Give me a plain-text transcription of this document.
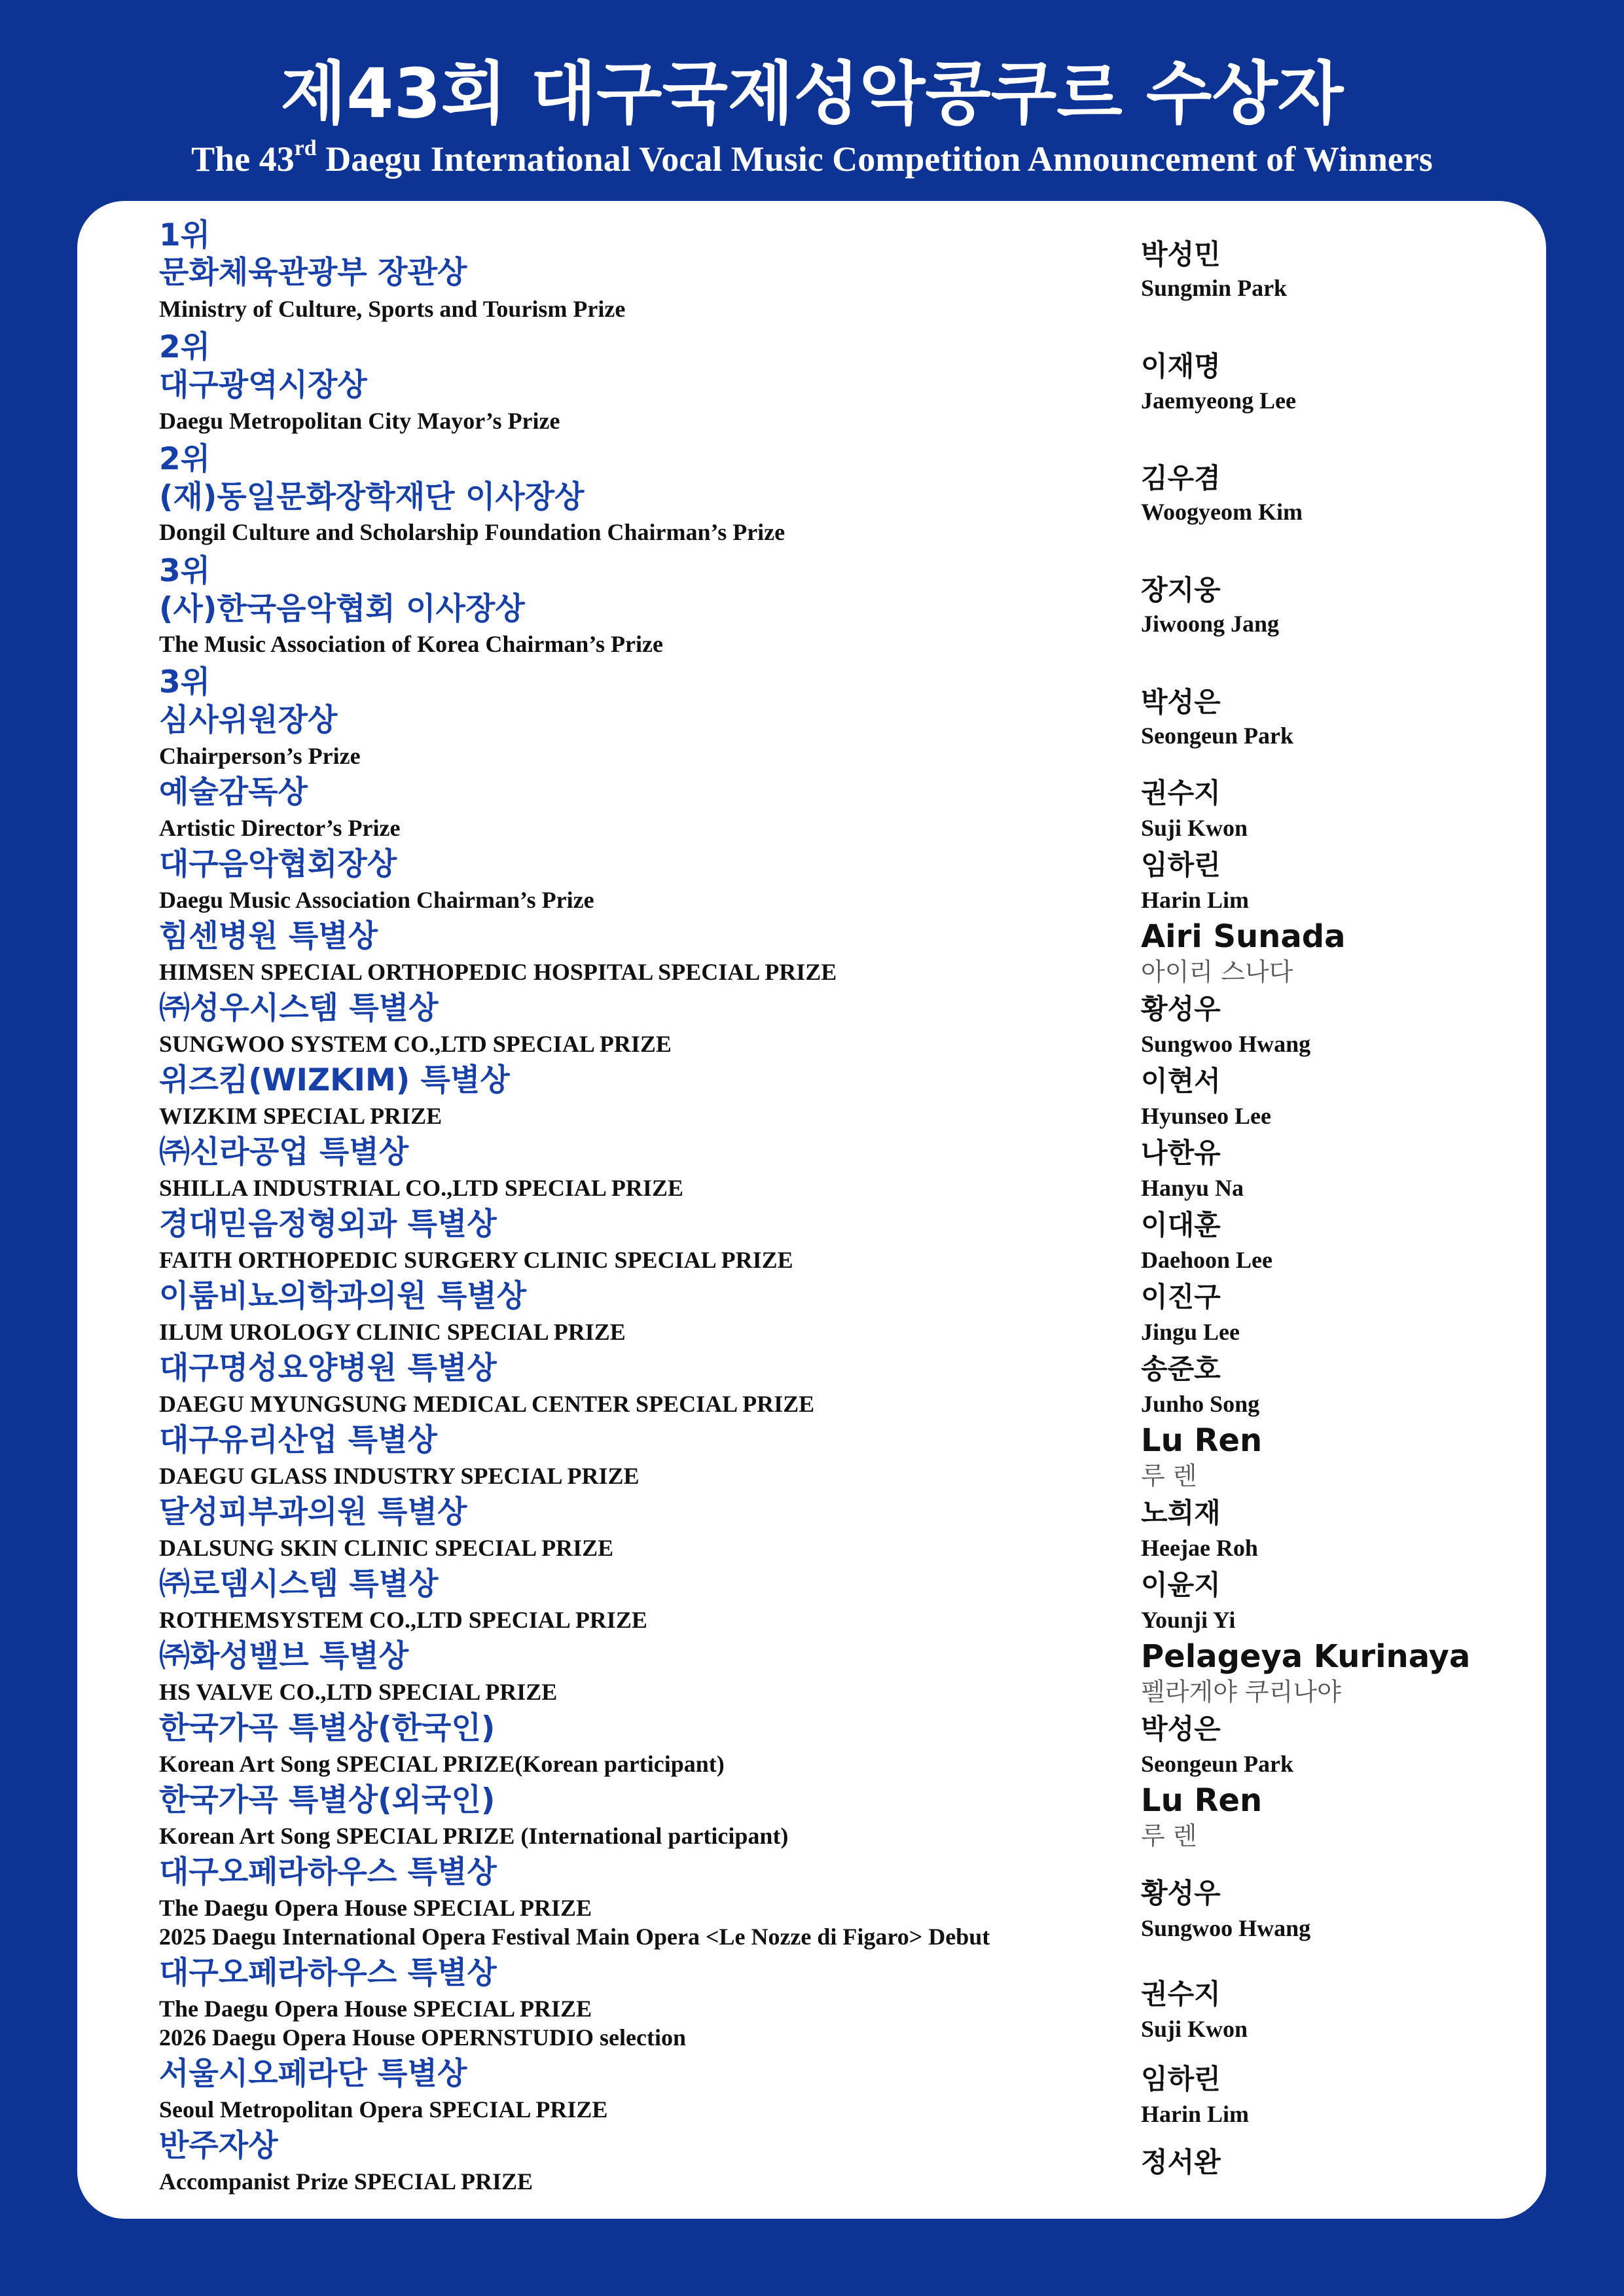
제43회 대구국제성악콩쿠르 수상자
The 43rd Daegu International Vocal Music Competition Announcement of Winners
1위
문화체육관광부 장관상
Ministry of Culture, Sports and Tourism Prize
박성민
Sungmin Park
2위
대구광역시장상
Daegu Metropolitan City Mayor’s Prize
이재명
Jaemyeong Lee
2위
(재)동일문화장학재단 이사장상
Dongil Culture and Scholarship Foundation Chairman’s Prize
김우겸
Woogyeom Kim
3위
(사)한국음악협회 이사장상
The Music Association of Korea Chairman’s Prize
장지웅
Jiwoong Jang
3위
심사위원장상
Chairperson’s Prize
박성은
Seongeun Park
예술감독상
Artistic Director’s Prize
권수지
Suji Kwon
대구음악협회장상
Daegu Music Association Chairman’s Prize
임하린
Harin Lim
힘센병원 특별상
HIMSEN SPECIAL ORTHOPEDIC HOSPITAL SPECIAL PRIZE
Airi Sunada
아이리 스나다
㈜성우시스템 특별상
SUNGWOO SYSTEM CO.,LTD SPECIAL PRIZE
황성우
Sungwoo Hwang
위즈킴(WIZKIM) 특별상
WIZKIM SPECIAL PRIZE
이현서
Hyunseo Lee
㈜신라공업 특별상
SHILLA INDUSTRIAL CO.,LTD SPECIAL PRIZE
나한유
Hanyu Na
경대믿음정형외과 특별상
FAITH ORTHOPEDIC SURGERY CLINIC SPECIAL PRIZE
이대훈
Daehoon Lee
이룸비뇨의학과의원 특별상
ILUM UROLOGY CLINIC SPECIAL PRIZE
이진구
Jingu Lee
대구명성요양병원 특별상
DAEGU MYUNGSUNG MEDICAL CENTER SPECIAL PRIZE
송준호
Junho Song
대구유리산업 특별상
DAEGU GLASS INDUSTRY SPECIAL PRIZE
Lu Ren
루 렌
달성피부과의원 특별상
DALSUNG SKIN CLINIC SPECIAL PRIZE
노희재
Heejae Roh
㈜로뎀시스템 특별상
ROTHEMSYSTEM CO.,LTD SPECIAL PRIZE
이윤지
Younji Yi
㈜화성밸브 특별상
HS VALVE CO.,LTD SPECIAL PRIZE
Pelageya Kurinaya
펠라게야 쿠리나야
한국가곡 특별상(한국인)
Korean Art Song SPECIAL PRIZE(Korean participant)
박성은
Seongeun Park
한국가곡 특별상(외국인)
Korean Art Song SPECIAL PRIZE (International participant)
Lu Ren
루 렌
대구오페라하우스 특별상
The Daegu Opera House SPECIAL PRIZE
2025 Daegu International Opera Festival Main Opera <Le Nozze di Figaro> Debut
황성우
Sungwoo Hwang
대구오페라하우스 특별상
The Daegu Opera House SPECIAL PRIZE
2026 Daegu Opera House OPERNSTUDIO selection
권수지
Suji Kwon
서울시오페라단 특별상
Seoul Metropolitan Opera SPECIAL PRIZE
임하린
Harin Lim
반주자상
Accompanist Prize SPECIAL PRIZE
정서완
